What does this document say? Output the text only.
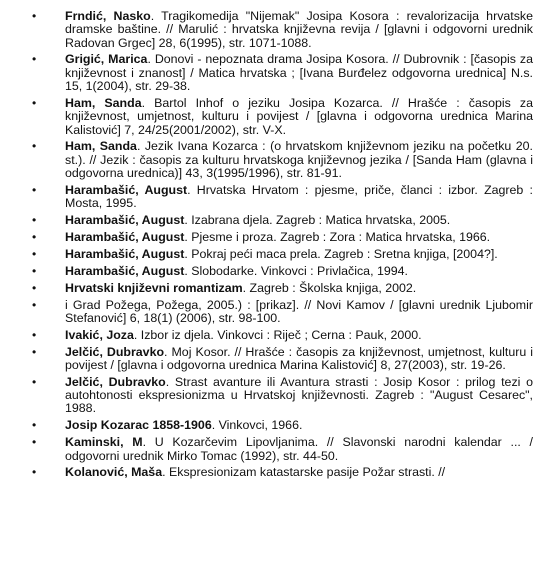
• Frndić, Nasko. Tragikomedija "Nijemak" Josipa Kosora : revalorizacija hrvatske dramske baštine. // Marulić : hrvatska književna revija / [glavni i odgovorni urednik Radovan Grgec] 28, 6(1995), str. 1071-1088.
• Grigić, Marica. Donovi - nepoznata drama Josipa Kosora. // Dubrovnik : [časopis za književnost i znanost] / Matica hrvatska ; [Ivana Burđelez odgovorna urednica] N.s. 15, 1(2004), str. 29-38.
• Ham, Sanda. Bartol Inhof o jeziku Josipa Kozarca. // Hrašće : časopis za književnost, umjetnost, kulturu i povijest / [glavna i odgovorna urednica Marina Kalistović] 7, 24/25(2001/2002), str. V-X.
• Ham, Sanda. Jezik Ivana Kozarca : (o hrvatskom književnom jeziku na početku 20. st.). // Jezik : časopis za kulturu hrvatskoga književnog jezika / [Sanda Ham (glavna i odgovorna urednica)] 43, 3(1995/1996), str. 81-91.
• Harambašić, August. Hrvatska Hrvatom : pjesme, priče, članci : izbor. Zagreb : Mosta, 1995.
• Harambašić, August. Izabrana djela. Zagreb : Matica hrvatska, 2005.
• Harambašić, August. Pjesme i proza. Zagreb : Zora : Matica hrvatska, 1966.
• Harambašić, August. Pokraj peći maca prela. Zagreb : Sretna knjiga, [2004?].
• Harambašić, August. Slobodarke. Vinkovci : Privlačica, 1994.
• Hrvatski književni romantizam. Zagreb : Školska knjiga, 2002.
• i Grad Požega, Požega, 2005.) : [prikaz]. // Novi Kamov / [glavni urednik Ljubomir Stefanović] 6, 18(1) (2006), str. 98-100.
• Ivakić, Joza. Izbor iz djela. Vinkovci : Riječ ; Cerna : Pauk, 2000.
• Jelčić, Dubravko. Moj Kosor. // Hrašće : časopis za književnost, umjetnost, kulturu i povijest / [glavna i odgovorna urednica Marina Kalistović] 8, 27(2003), str. 19-26.
• Jelčić, Dubravko. Strast avanture ili Avantura strasti : Josip Kosor : prilog tezi o autohtonosti ekspresionizma u Hrvatskoj književnosti. Zagreb : "August Cesarec", 1988.
• Josip Kozarac 1858-1906. Vinkovci, 1966.
• Kaminski, M. U Kozarčevim Lipovljanima. // Slavonski narodni kalendar ... / odgovorni urednik Mirko Tomac (1992), str. 44-50.
• Kolanović, Maša. Ekspresionizam katastarske pasije Požar strasti. //
